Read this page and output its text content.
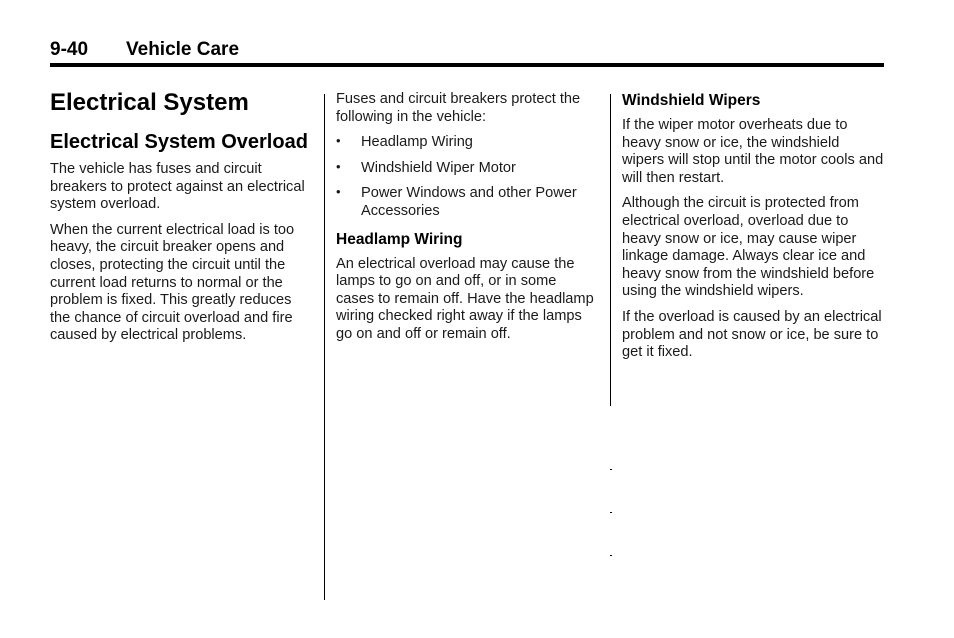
9-40 Vehicle Care
Electrical System
Electrical System Overload

The vehicle has fuses and circuit breakers to protect against an electrical system overload.

When the current electrical load is too heavy, the circuit breaker opens and closes, protecting the circuit until the current load returns to normal or the problem is fixed. This greatly reduces the chance of circuit overload and fire caused by electrical problems.

Fuses and circuit breakers protect the following in the vehicle:

• Headlamp Wiring
• Windshield Wiper Motor
• Power Windows and other Power Accessories
Headlamp Wiring

An electrical overload may cause the lamps to go on and off, or in some cases to remain off. Have the headlamp wiring checked right away if the lamps go on and off or remain off.

Windshield Wipers

If the wiper motor overheats due to heavy snow or ice, the windshield wipers will stop until the motor cools and will then restart.

Although the circuit is protected from electrical overload, overload due to heavy snow or ice, may cause wiper linkage damage. Always clear ice and heavy snow from the windshield before using the windshield wipers.

If the overload is caused by an electrical problem and not snow or ice, be sure to get it fixed.
